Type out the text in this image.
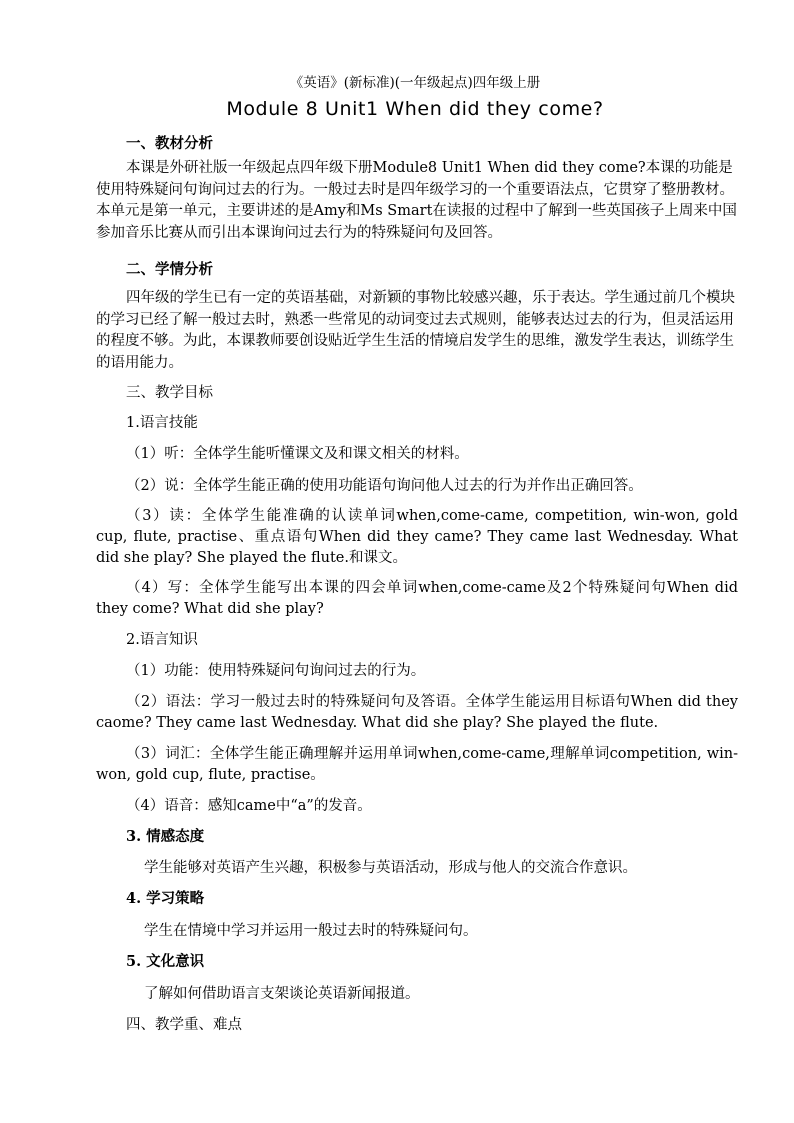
《英语》(新标准)(一年级起点)四年级上册
Module 8 Unit1 When did they come?
一、教材分析
本课是外研社版一年级起点四年级下册Module8 Unit1 When did they come?本课的功能是使用特殊疑问句询问过去的行为。一般过去时是四年级学习的一个重要语法点，它贯穿了整册教材。本单元是第一单元，主要讲述的是Amy和Ms Smart在读报的过程中了解到一些英国孩子上周来中国参加音乐比赛从而引出本课询问过去行为的特殊疑问句及回答。
二、学情分析
四年级的学生已有一定的英语基础，对新颖的事物比较感兴趣，乐于表达。学生通过前几个模块的学习已经了解一般过去时，熟悉一些常见的动词变过去式规则，能够表达过去的行为，但灵活运用的程度不够。为此，本课教师要创设贴近学生生活的情境启发学生的思维，激发学生表达，训练学生的语用能力。
三、教学目标
1.语言技能
（1）听：全体学生能听懂课文及和课文相关的材料。
（2）说：全体学生能正确的使用功能语句询问他人过去的行为并作出正确回答。
（3）读：全体学生能准确的认读单词when,come-came, competition, win-won, gold cup, flute, practise、重点语句When did they came? They came last Wednesday. What did she play? She played the flute.和课文。
（4）写：全体学生能写出本课的四会单词when,come-came及2个特殊疑问句When did they come? What did she play?
2.语言知识
（1）功能：使用特殊疑问句询问过去的行为。
（2）语法：学习一般过去时的特殊疑问句及答语。全体学生能运用目标语句When did they caome? They came last Wednesday. What did she play? She played the flute.
（3）词汇：全体学生能正确理解并运用单词when,come-came,理解单词competition, win-won, gold cup, flute, practise。
（4）语音：感知came中“a”的发音。
3. 情感态度
学生能够对英语产生兴趣，积极参与英语活动，形成与他人的交流合作意识。
4. 学习策略
学生在情境中学习并运用一般过去时的特殊疑问句。
5. 文化意识
了解如何借助语言支架谈论英语新闻报道。
四、教学重、难点
